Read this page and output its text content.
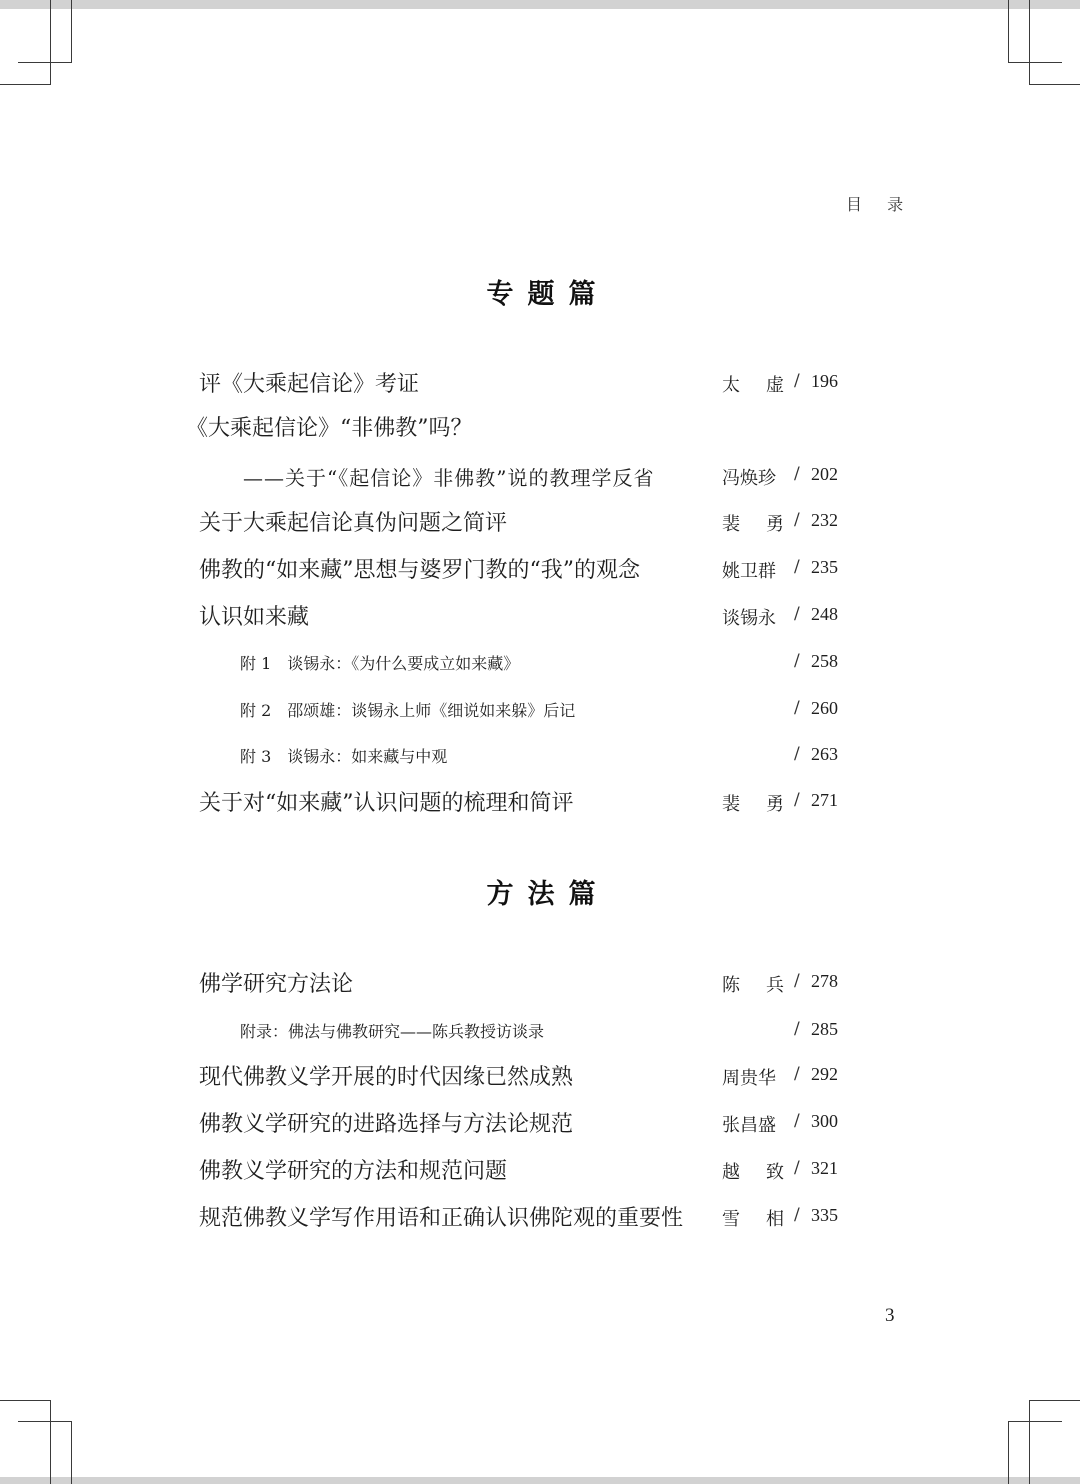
目 录
专题篇
评《大乘起信论》考证	太 虚 / 196
《大乘起信论》“非佛教”吗？
——关于“《起信论》非佛教”说的教理学反省	冯焕珍	/ 202
关于大乘起信论真伪问题之简评	裴 勇 / 232
佛教的“如来藏”思想与婆罗门教的“我”的观念	姚卫群	/ 235
认识如来藏	谈锡永	/ 248
附 1　谈锡永：《为什么要成立如来藏》	/ 258
附 2　邵颂雄：谈锡永上师《细说如来躲》后记	/ 260
附 3　谈锡永：如来藏与中观	/ 263
关于对“如来藏”认识问题的梳理和简评	裴 勇 / 271
方法篇
佛学研究方法论	陈 兵 / 278
附录：佛法与佛教研究——陈兵教授访谈录	/ 285
现代佛教义学开展的时代因缘已然成熟	周贵华	/ 292
佛教义学研究的进路选择与方法论规范	张昌盛	/ 300
佛教义学研究的方法和规范问题	越 致 / 321
规范佛教义学写作用语和正确认识佛陀观的重要性 雪 相 / 335
3
